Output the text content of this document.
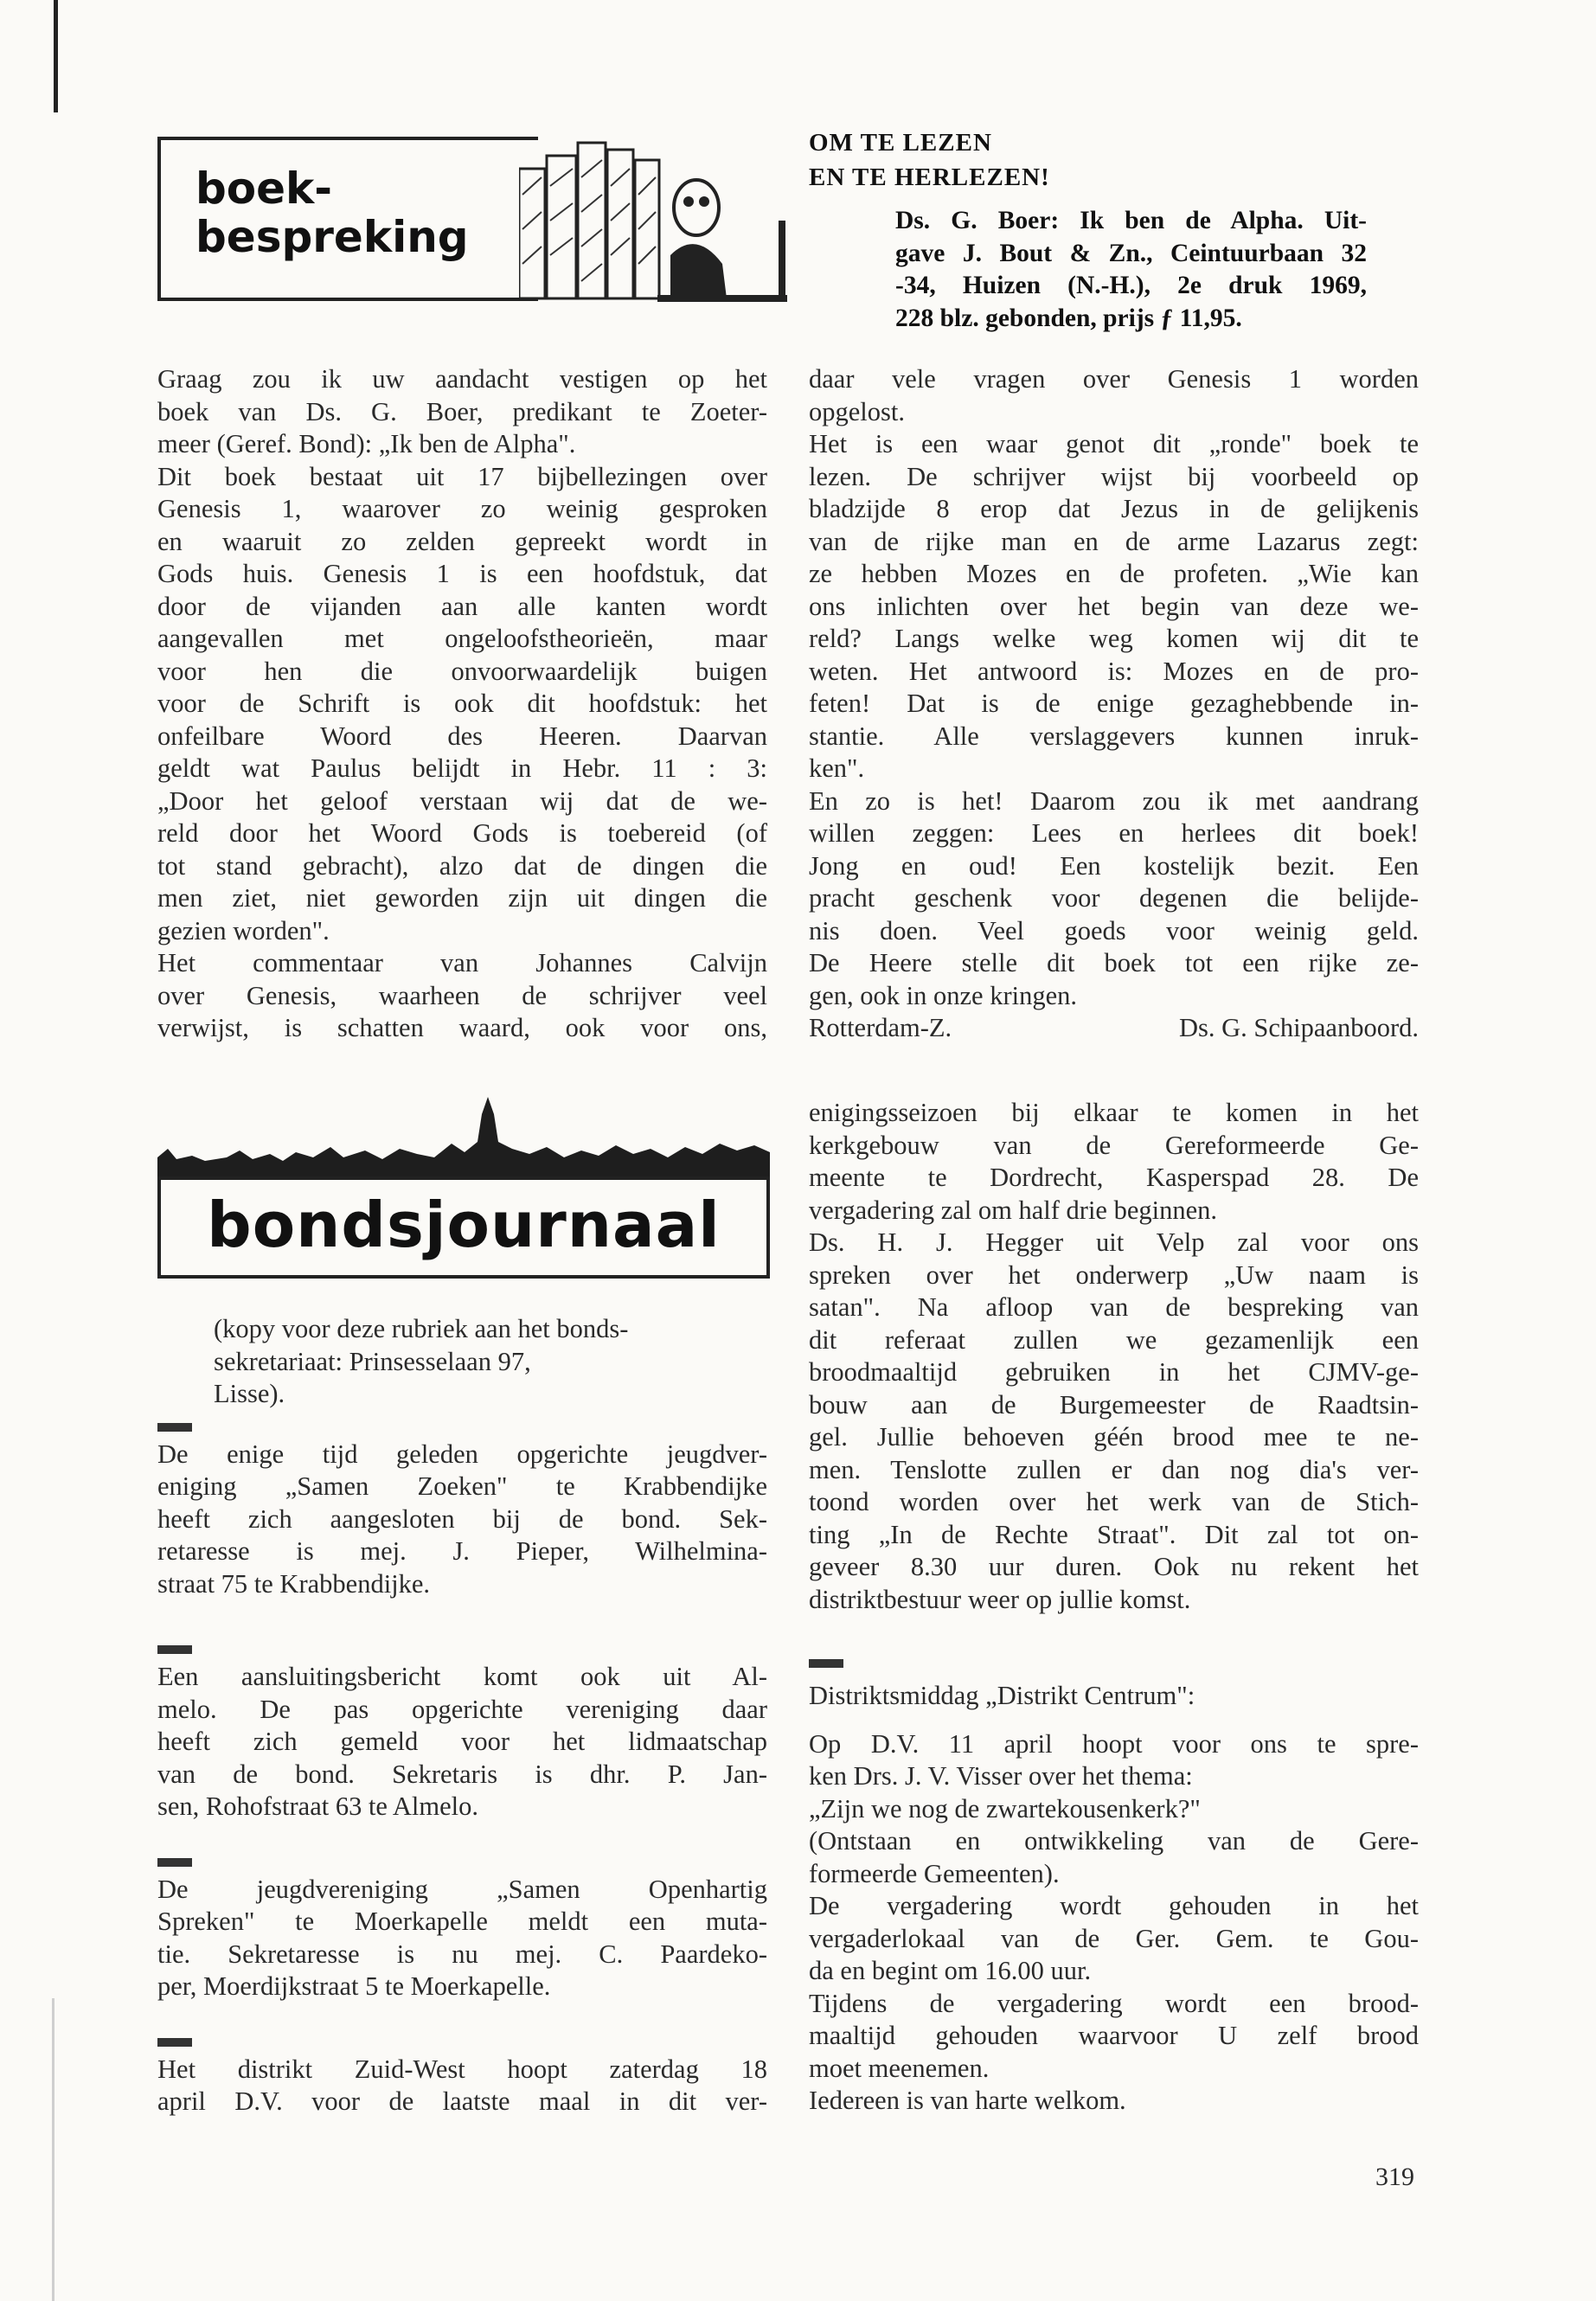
boek-
bespreking
OM TE LEZEN
EN TE HERLEZEN!
Ds. G. Boer: Ik ben de Alpha. Uit-
gave J. Bout & Zn., Ceintuurbaan 32
-34, Huizen (N.-H.), 2e druk 1969,
228 blz. gebonden, prijs ƒ 11,95.

Graag zou ik uw aandacht vestigen op het
boek van Ds. G. Boer, predikant te Zoeter-
meer (Geref. Bond): „Ik ben de Alpha".
Dit boek bestaat uit 17 bijbellezingen over
Genesis 1, waarover zo weinig gesproken
en waaruit zo zelden gepreekt wordt in
Gods huis. Genesis 1 is een hoofdstuk, dat
door de vijanden aan alle kanten wordt
aangevallen met ongeloofstheorieën, maar
voor hen die onvoorwaardelijk buigen
voor de Schrift is ook dit hoofdstuk: het
onfeilbare Woord des Heeren. Daarvan
geldt wat Paulus belijdt in Hebr. 11 : 3:
„Door het geloof verstaan wij dat de we-
reld door het Woord Gods is toebereid (of
tot stand gebracht), alzo dat de dingen die
men ziet, niet geworden zijn uit dingen die
gezien worden".
Het commentaar van Johannes Calvijn
over Genesis, waarheen de schrijver veel
verwijst, is schatten waard, ook voor ons,

daar vele vragen over Genesis 1 worden
opgelost.
Het is een waar genot dit „ronde" boek te
lezen. De schrijver wijst bij voorbeeld op
bladzijde 8 erop dat Jezus in de gelijkenis
van de rijke man en de arme Lazarus zegt:
ze hebben Mozes en de profeten. „Wie kan
ons inlichten over het begin van deze we-
reld? Langs welke weg komen wij dit te
weten. Het antwoord is: Mozes en de pro-
feten! Dat is de enige gezaghebbende in-
stantie. Alle verslaggevers kunnen inruk-
ken".
En zo is het! Daarom zou ik met aandrang
willen zeggen: Lees en herlees dit boek!
Jong en oud! Een kostelijk bezit. Een
pracht geschenk voor degenen die belijde-
nis doen. Veel goeds voor weinig geld.
De Heere stelle dit boek tot een rijke ze-
gen, ook in onze kringen.
Rotterdam-Z.	Ds. G. Schipaanboord.

bondsjournaal

(kopy voor deze rubriek aan het bonds-
sekretariaat: Prinsesselaan 97,
Lisse).

De enige tijd geleden opgerichte jeugdver-
eniging „Samen Zoeken" te Krabbendijke
heeft zich aangesloten bij de bond. Sek-
retaresse is mej. J. Pieper, Wilhelmina-
straat 75 te Krabbendijke.

Een aansluitingsbericht komt ook uit Al-
melo. De pas opgerichte vereniging daar
heeft zich gemeld voor het lidmaatschap
van de bond. Sekretaris is dhr. P. Jan-
sen, Rohofstraat 63 te Almelo.

De jeugdvereniging „Samen Openhartig
Spreken" te Moerkapelle meldt een muta-
tie. Sekretaresse is nu mej. C. Paardeko-
per, Moerdijkstraat 5 te Moerkapelle.

Het distrikt Zuid-West hoopt zaterdag 18
april D.V. voor de laatste maal in dit ver-

enigingsseizoen bij elkaar te komen in het
kerkgebouw van de Gereformeerde Ge-
meente te Dordrecht, Kasperspad 28. De
vergadering zal om half drie beginnen.
Ds. H. J. Hegger uit Velp zal voor ons
spreken over het onderwerp „Uw naam is
satan". Na afloop van de bespreking van
dit referaat zullen we gezamenlijk een
broodmaaltijd gebruiken in het CJMV-ge-
bouw aan de Burgemeester de Raadtsin-
gel. Jullie behoeven géén brood mee te ne-
men. Tenslotte zullen er dan nog dia's ver-
toond worden over het werk van de Stich-
ting „In de Rechte Straat". Dit zal tot on-
geveer 8.30 uur duren. Ook nu rekent het
distriktbestuur weer op jullie komst.

Distriktsmiddag „Distrikt Centrum":

Op D.V. 11 april hoopt voor ons te spre-
ken Drs. J. V. Visser over het thema:
„Zijn we nog de zwartekousenkerk?"
(Ontstaan en ontwikkeling van de Gere-
formeerde Gemeenten).
De vergadering wordt gehouden in het
vergaderlokaal van de Ger. Gem. te Gou-
da en begint om 16.00 uur.
Tijdens de vergadering wordt een brood-
maaltijd gehouden waarvoor U zelf brood
moet meenemen.
Iedereen is van harte welkom.

319
